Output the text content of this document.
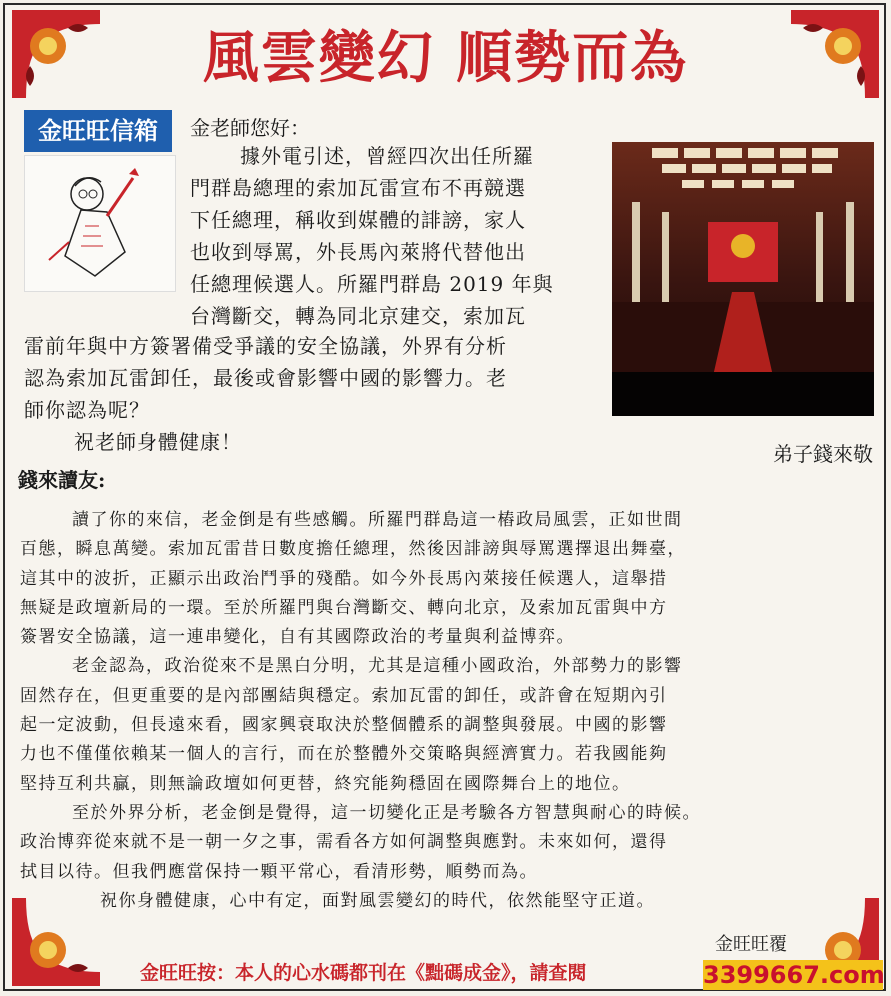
風雲變幻 順勢而為
金旺旺信箱	金老師您好：
據外電引述，曾經四次出任所羅
門群島總理的索加瓦雷宣布不再競選
下任總理，稱收到媒體的誹謗，家人
也收到辱罵，外長馬內萊將代替他出
任總理候選人。所羅門群島 2019 年與
台灣斷交，轉為同北京建交，索加瓦
雷前年與中方簽署備受爭議的安全協議，外界有分析
認為索加瓦雷卸任，最後或會影響中國的影響力。老
師你認為呢？
祝老師身體健康！	弟子錢來敬
錢來讀友:
讀了你的來信，老金倒是有些感觸。所羅門群島這一樁政局風雲，正如世間
百態，瞬息萬變。索加瓦雷昔日數度擔任總理，然後因誹謗與辱罵選擇退出舞臺，
這其中的波折，正顯示出政治鬥爭的殘酷。如今外長馬內萊接任候選人，這舉措
無疑是政壇新局的一環。至於所羅門與台灣斷交、轉向北京，及索加瓦雷與中方
簽署安全協議，這一連串變化，自有其國際政治的考量與利益博弈。
老金認為，政治從來不是黑白分明，尤其是這種小國政治，外部勢力的影響
固然存在，但更重要的是內部團結與穩定。索加瓦雷的卸任，或許會在短期內引
起一定波動，但長遠來看，國家興衰取決於整個體系的調整與發展。中國的影響
力也不僅僅依賴某一個人的言行，而在於整體外交策略與經濟實力。若我國能夠
堅持互利共贏，則無論政壇如何更替，終究能夠穩固在國際舞台上的地位。
至於外界分析，老金倒是覺得，這一切變化正是考驗各方智慧與耐心的時候。
政治博弈從來就不是一朝一夕之事，需看各方如何調整與應對。未來如何，還得
拭目以待。但我們應當保持一顆平常心，看清形勢，順勢而為。
祝你身體健康，心中有定，面對風雲變幻的時代，依然能堅守正道。
金旺旺覆
金旺旺按：本人的心水碼都刊在《黜碼成金》，請查閱	3399667.com
